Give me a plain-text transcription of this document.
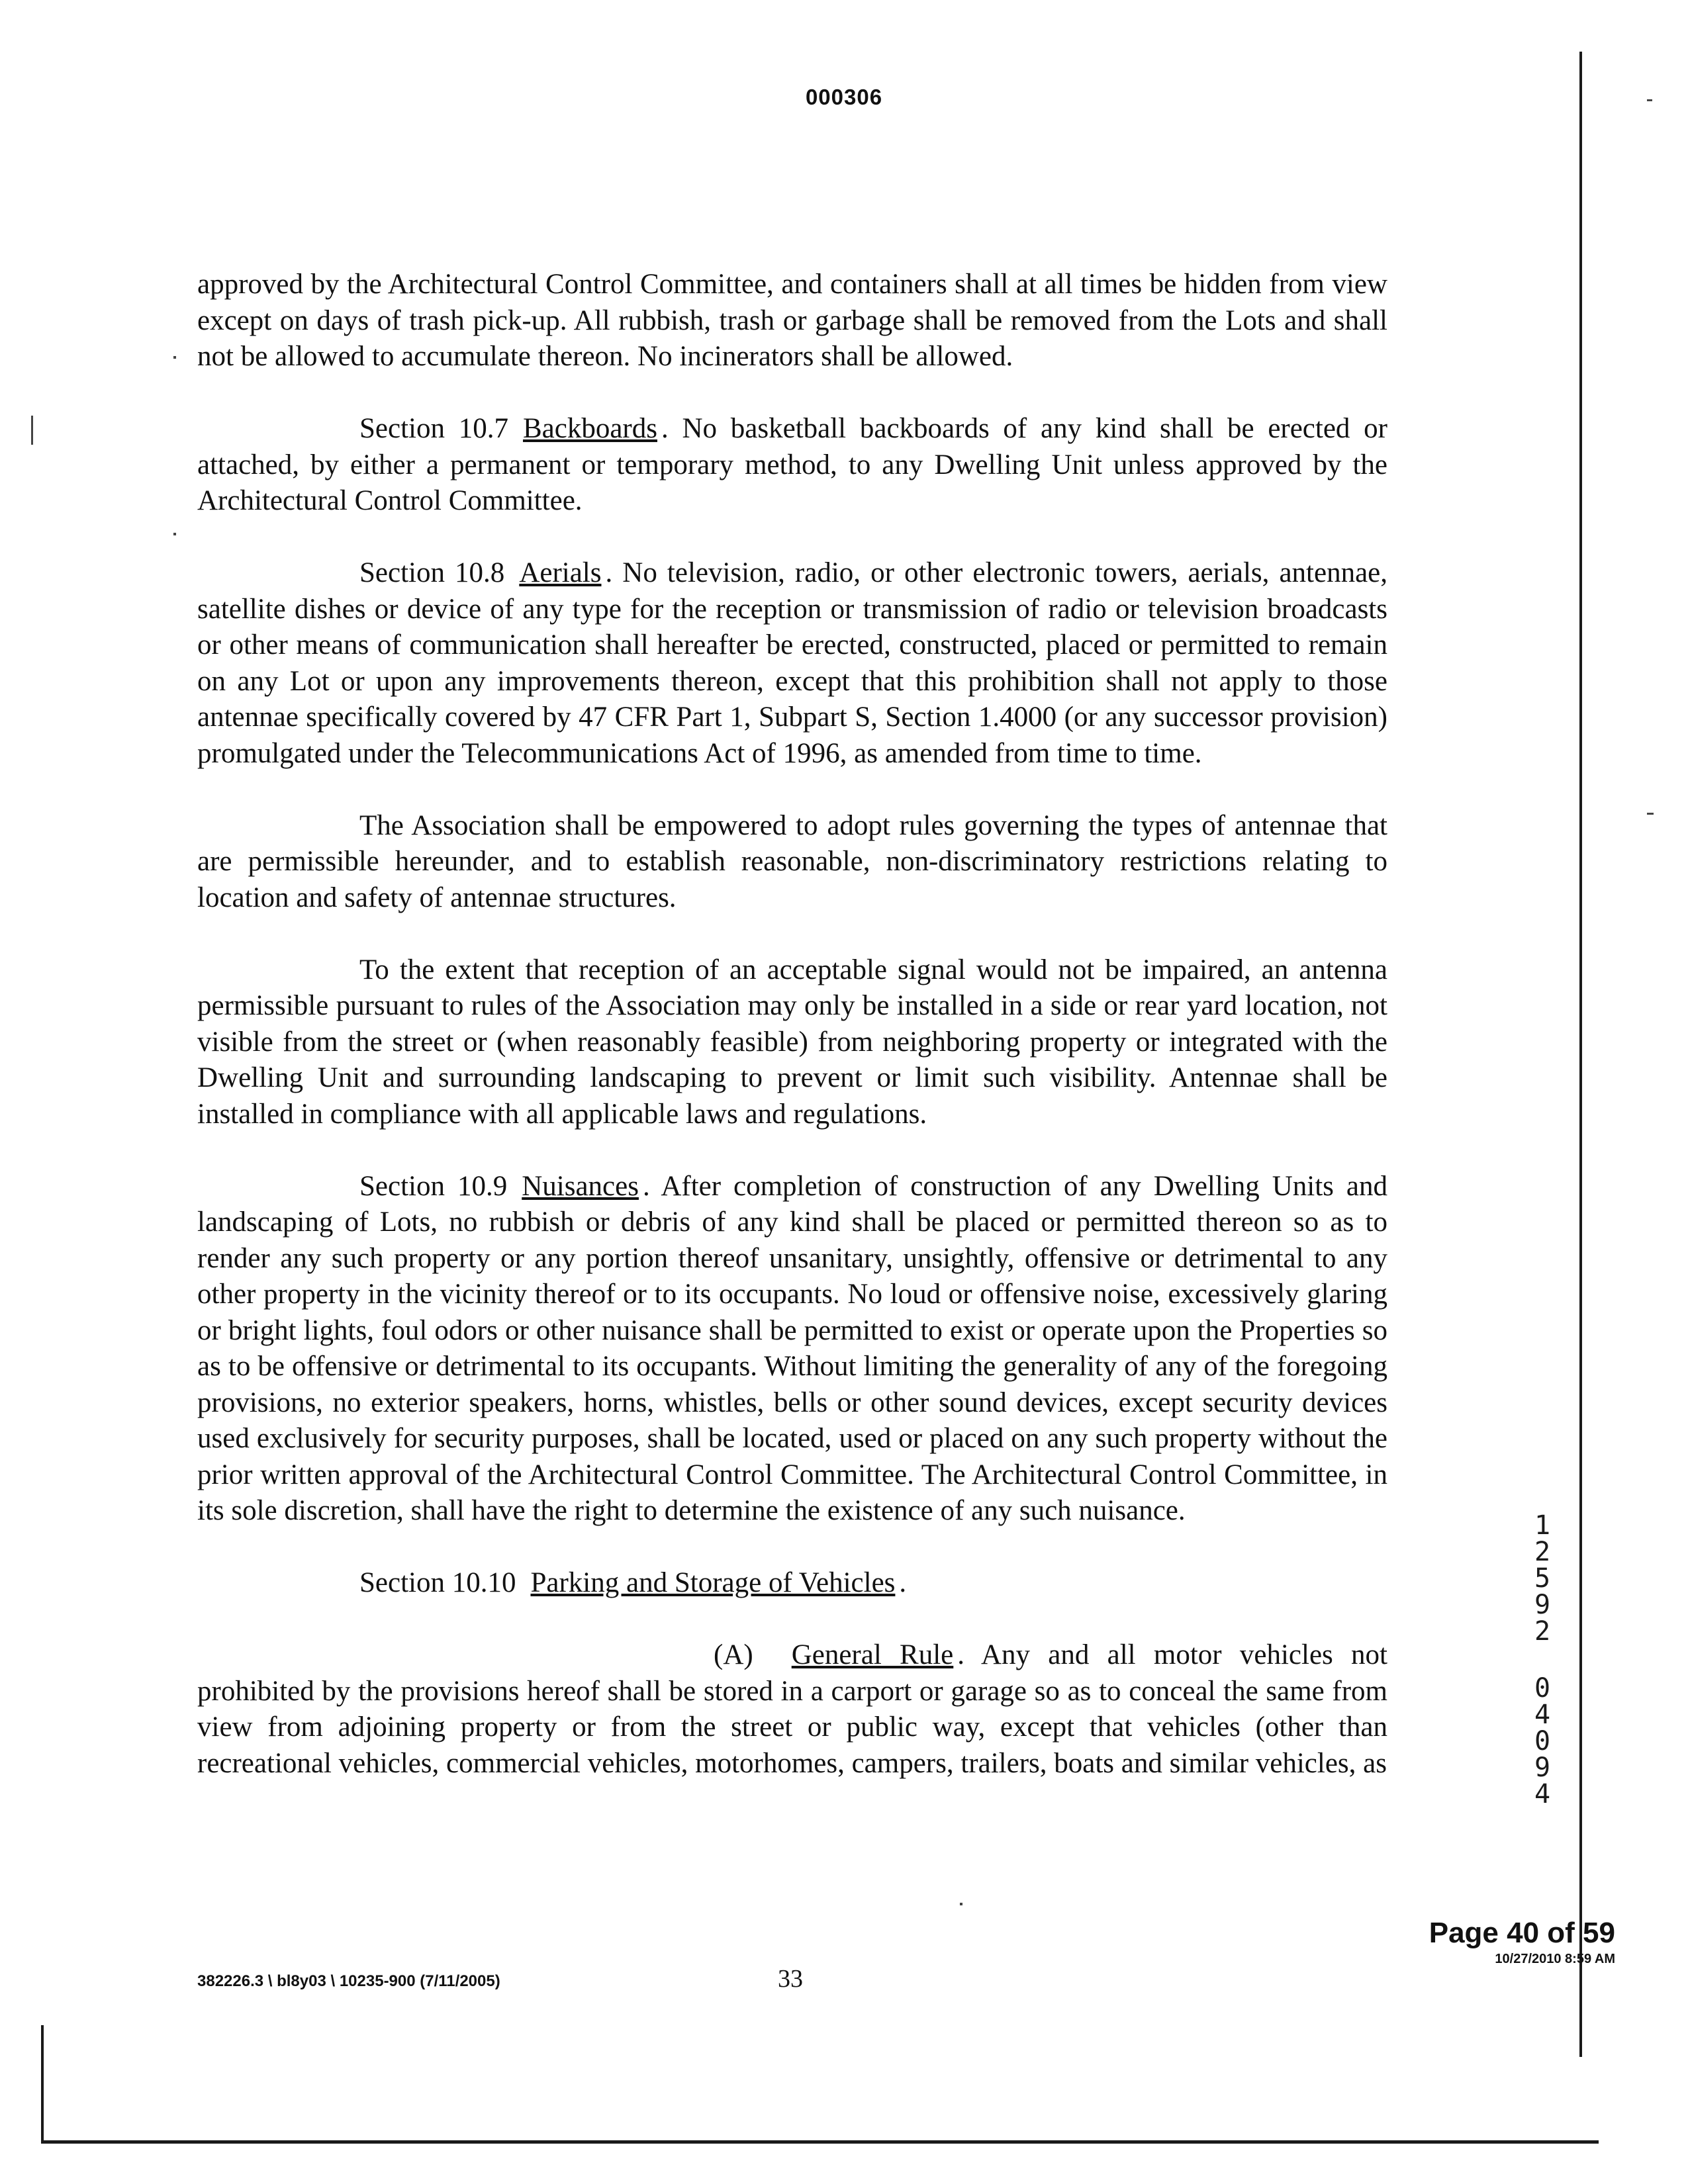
000306

approved by the Architectural Control Committee, and containers shall at all times be hidden from view except on days of trash pick-up. All rubbish, trash or garbage shall be removed from the Lots and shall not be allowed to accumulate thereon. No incinerators shall be allowed.

Section 10.7 Backboards . No basketball backboards of any kind shall be erected or attached, by either a permanent or temporary method, to any Dwelling Unit unless approved by the Architectural Control Committee.

Section 10.8 Aerials . No television, radio, or other electronic towers, aerials, antennae, satellite dishes or device of any type for the reception or transmission of radio or television broadcasts or other means of communication shall hereafter be erected, constructed, placed or permitted to remain on any Lot or upon any improvements thereon, except that this prohibition shall not apply to those antennae specifically covered by 47 CFR Part 1, Subpart S, Section 1.4000 (or any successor provision) promulgated under the Telecommunications Act of 1996, as amended from time to time.

The Association shall be empowered to adopt rules governing the types of antennae that are permissible hereunder, and to establish reasonable, non-discriminatory restrictions relating to location and safety of antennae structures.

To the extent that reception of an acceptable signal would not be impaired, an antenna permissible pursuant to rules of the Association may only be installed in a side or rear yard location, not visible from the street or (when reasonably feasible) from neighboring property or integrated with the Dwelling Unit and surrounding landscaping to prevent or limit such visibility. Antennae shall be installed in compliance with all applicable laws and regulations.

Section 10.9 Nuisances . After completion of construction of any Dwelling Units and landscaping of Lots, no rubbish or debris of any kind shall be placed or permitted thereon so as to render any such property or any portion thereof unsanitary, unsightly, offensive or detrimental to any other property in the vicinity thereof or to its occupants. No loud or offensive noise, excessively glaring or bright lights, foul odors or other nuisance shall be permitted to exist or operate upon the Properties so as to be offensive or detrimental to its occupants. Without limiting the generality of any of the foregoing provisions, no exterior speakers, horns, whistles, bells or other sound devices, except security devices used exclusively for security purposes, shall be located, used or placed on any such property without the prior written approval of the Architectural Control Committee. The Architectural Control Committee, in its sole discretion, shall have the right to determine the existence of any such nuisance.

Section 10.10 Parking and Storage of Vehicles .

(A) General Rule . Any and all motor vehicles not prohibited by the provisions hereof shall be stored in a carport or garage so as to conceal the same from view from adjoining property or from the street or public way, except that vehicles (other than recreational vehicles, commercial vehicles, motorhomes, campers, trailers, boats and similar vehicles, as

1
2
5
9
2
0
4
0
9
4
Page 40 of 59
10/27/2010 8:59 AM
382226.3 \ bl8y03 \ 10235-900 (7/11/2005)	33
